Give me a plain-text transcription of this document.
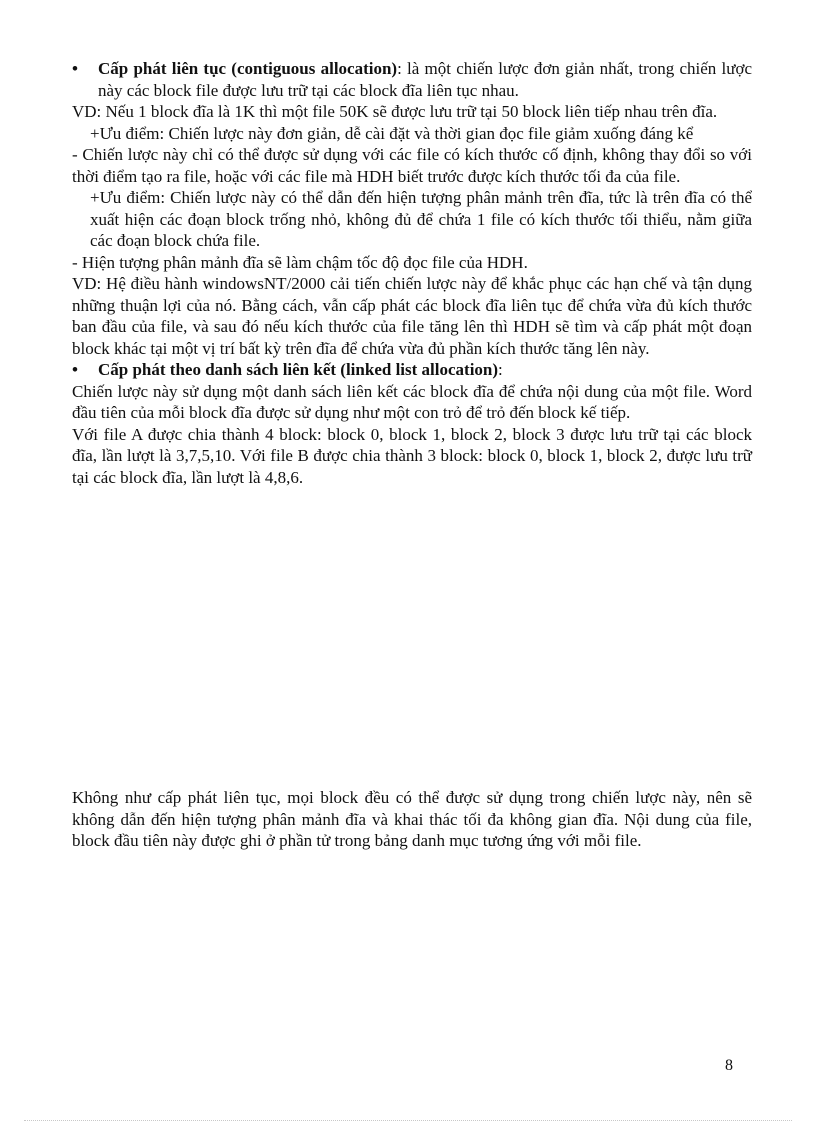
•	Cấp phát liên tục (contiguous allocation): là một chiến lược đơn giản nhất, trong chiến lược này các block file được lưu trữ tại các block đĩa liên tục nhau.

VD: Nếu 1 block đĩa là 1K thì một file 50K sẽ được lưu trữ tại 50 block liên tiếp nhau trên đĩa.

+Ưu điểm: Chiến lược này đơn giản, dễ cài đặt và thời gian đọc file giảm xuống đáng kể

- Chiến lược này chỉ có thể được sử dụng với các file có kích thước cố định, không thay đổi so với thời điểm tạo ra file, hoặc với các file mà HDH biết trước được kích thước tối đa của file.

+Ưu điểm: Chiến lược này có thể dẫn đến hiện tượng phân mảnh trên đĩa, tức là trên đĩa có thể xuất hiện các đoạn block trống nhỏ, không đủ để chứa 1 file có kích thước tối thiểu, nằm giữa các đoạn block chứa file.

- Hiện tượng phân mảnh đĩa sẽ làm chậm tốc độ đọc file của HDH.

VD: Hệ điều hành windowsNT/2000 cải tiến chiến lược này để khắc phục các hạn chế và tận dụng những thuận lợi của nó. Bằng cách, vẫn cấp phát các block đĩa liên tục để chứa vừa đủ kích thước ban đầu của file, và sau đó nếu kích thước của file tăng lên thì HDH sẽ tìm và cấp phát một đoạn block khác tại một vị trí bất kỳ trên đĩa để chứa vừa đủ phần kích thước tăng lên này.

•	Cấp phát theo danh sách liên kết (linked list allocation):

Chiến lược này sử dụng một danh sách liên kết các block đĩa để chứa nội dung của một file. Word đầu tiên của mỗi block đĩa được sử dụng như một con trỏ để trỏ đến block kế tiếp.

Với file A được chia thành 4 block: block 0, block 1, block 2, block 3 được lưu trữ tại các block đĩa, lần lượt là 3,7,5,10. Với file B được chia thành 3 block: block 0, block 1, block 2, được lưu trữ tại các block đĩa, lần lượt là 4,8,6.

Không như cấp phát liên tục, mọi block đều có thể được sử dụng trong chiến lược này, nên sẽ không dẫn đến hiện tượng phân mảnh đĩa và khai thác tối đa không gian đĩa. Nội dung của file, block đầu tiên này được ghi ở phần tử trong bảng danh mục tương ứng với mỗi file.

8
